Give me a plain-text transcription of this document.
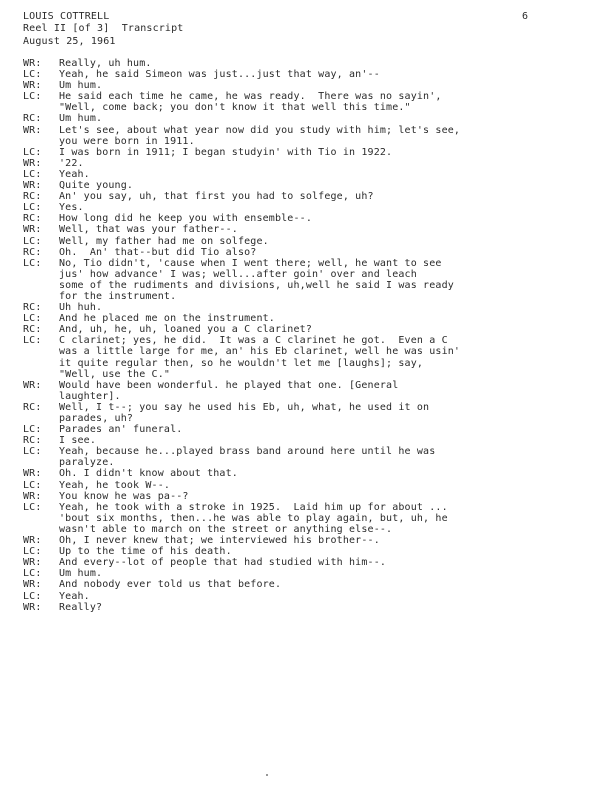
LOUIS COTTRELL
Reel II [of 3]  Transcript
August 25, 1961
6
WR:	Really, uh hum.
LC:	Yeah, he said Simeon was just...just that way, an'--
WR:	Um hum.
LC:	He said each time he came, he was ready.  There was no sayin',
"Well, come back; you don't know it that well this time."
RC:	Um hum.
WR:	Let's see, about what year now did you study with him; let's see,
you were born in 1911.
LC:	I was born in 1911; I began studyin' with Tio in 1922.
WR:	'22.
LC:	Yeah.
WR:	Quite young.
RC:	An' you say, uh, that first you had to solfege, uh?
LC:	Yes.
RC:	How long did he keep you with ensemble--.
WR:	Well, that was your father--.
LC:	Well, my father had me on solfege.
RC:	Oh.  An' that--but did Tio also?
LC:	No, Tio didn't, 'cause when I went there; well, he want to see
jus' how advance' I was; well...after goin' over and leach
some of the rudiments and divisions, uh,well he said I was ready
for the instrument.
RC:	Uh huh.
LC:	And he placed me on the instrument.
RC:	And, uh, he, uh, loaned you a C clarinet?
LC:	C clarinet; yes, he did.  It was a C clarinet he got.  Even a C
was a little large for me, an' his Eb clarinet, well he was usin'
it quite regular then, so he wouldn't let me [laughs]; say,
"Well, use the C."
WR:	Would have been wonderful. he played that one. [General
laughter].
RC:	Well, I t--; you say he used his Eb, uh, what, he used it on
parades, uh?
LC:	Parades an' funeral.
RC:	I see.
LC:	Yeah, because he...played brass band around here until he was
paralyze.
WR:	Oh. I didn't know about that.
LC:	Yeah, he took W--.
WR:	You know he was pa--?
LC:	Yeah, he took with a stroke in 1925.  Laid him up for about ...
'bout six months, then...he was able to play again, but, uh, he
wasn't able to march on the street or anything else--.
WR:	Oh, I never knew that; we interviewed his brother--.
LC:	Up to the time of his death.
WR:	And every--lot of people that had studied with him--.
LC:	Um hum.
WR:	And nobody ever told us that before.
LC:	Yeah.
WR:	Really?
